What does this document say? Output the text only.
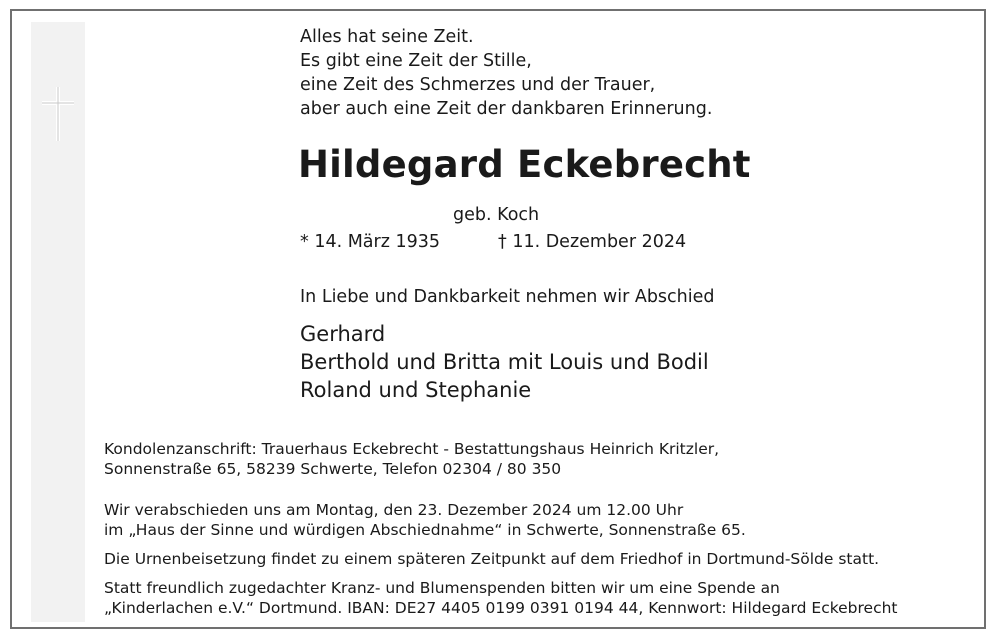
Alles hat seine Zeit.

Es gibt eine Zeit der Stille,

eine Zeit des Schmerzes und der Trauer,

aber auch eine Zeit der dankbaren Erinnerung.

Hildegard Eckebrecht

geb. Koch

* 14. März 1935	† 11. Dezember 2024

In Liebe und Dankbarkeit nehmen wir Abschied

Gerhard

Berthold und Britta mit Louis und Bodil

Roland und Stephanie

Kondolenzanschrift: Trauerhaus Eckebrecht - Bestattungshaus Heinrich Kritzler,

Sonnenstraße 65, 58239 Schwerte, Telefon 02304 / 80 350

Wir verabschieden uns am Montag, den 23. Dezember 2024 um 12.00 Uhr

im „Haus der Sinne und würdigen Abschiednahme“ in Schwerte, Sonnenstraße 65.

Die Urnenbeisetzung findet zu einem späteren Zeitpunkt auf dem Friedhof in Dortmund-Sölde statt.

Statt freundlich zugedachter Kranz- und Blumenspenden bitten wir um eine Spende an

„Kinderlachen e.V.“ Dortmund. IBAN: DE27 4405 0199 0391 0194 44, Kennwort: Hildegard Eckebrecht
